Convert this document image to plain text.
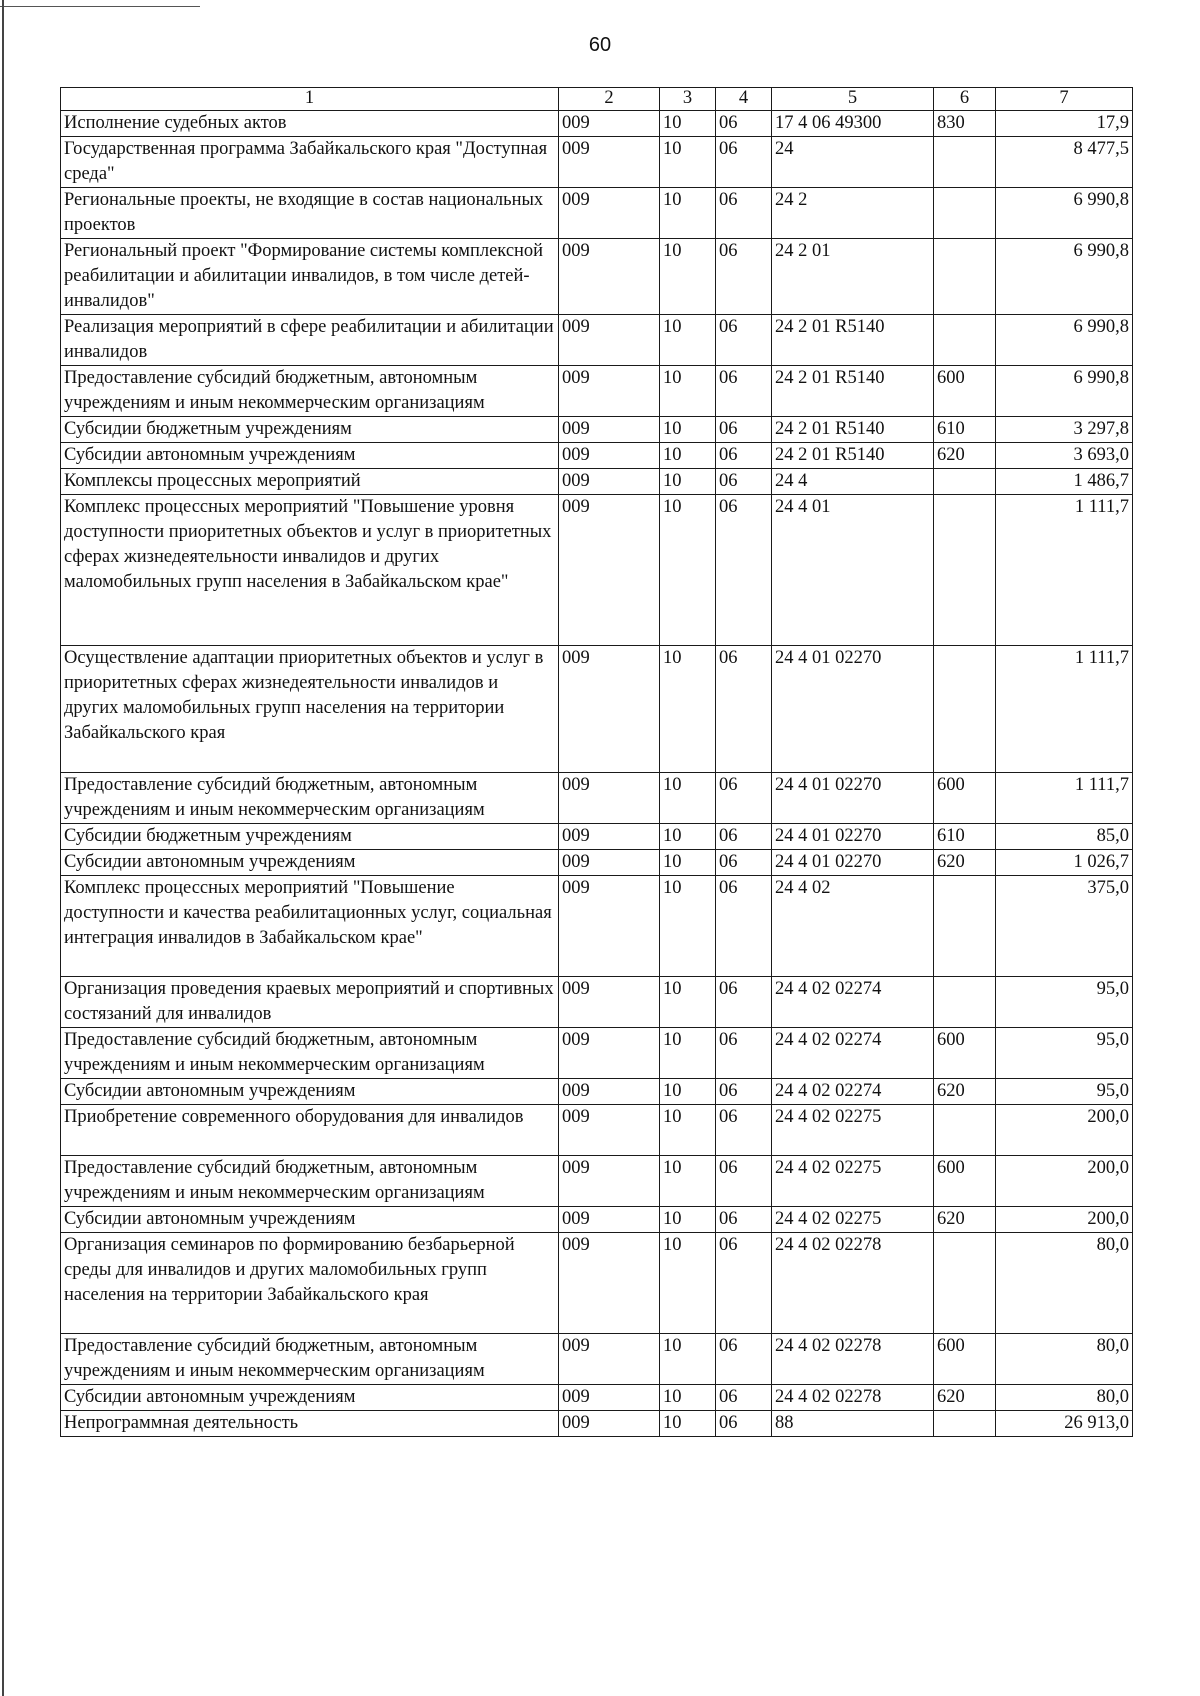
60
1	2	3	4	5	6	7
Исполнение судебных актов	009	10	06	17 4 06 49300	830	17,9
Государственная программа Забайкальского края "Доступная среда"	009	10	06	24		8 477,5
Региональные проекты, не входящие в состав национальных проектов	009	10	06	24 2		6 990,8
Региональный проект "Формирование системы комплексной реабилитации и абилитации инвалидов, в том числе детей-инвалидов"	009	10	06	24 2 01		6 990,8
Реализация мероприятий в сфере реабилитации и абилитации инвалидов	009	10	06	24 2 01 R5140		6 990,8
Предоставление субсидий бюджетным, автономным учреждениям и иным некоммерческим организациям	009	10	06	24 2 01 R5140	600	6 990,8
Субсидии бюджетным учреждениям	009	10	06	24 2 01 R5140	610	3 297,8
Субсидии автономным учреждениям	009	10	06	24 2 01 R5140	620	3 693,0
Комплексы процессных мероприятий	009	10	06	24 4		1 486,7
Комплекс процессных мероприятий "Повышение уровня доступности приоритетных объектов и услуг в приоритетных сферах жизнедеятельности инвалидов и других маломобильных групп населения в Забайкальском крае"	009	10	06	24 4 01		1 111,7
Осуществление адаптации приоритетных объектов и услуг в приоритетных сферах жизнедеятельности инвалидов и других маломобильных групп населения на территории Забайкальского края	009	10	06	24 4 01 02270		1 111,7
Предоставление субсидий бюджетным, автономным учреждениям и иным некоммерческим организациям	009	10	06	24 4 01 02270	600	1 111,7
Субсидии бюджетным учреждениям	009	10	06	24 4 01 02270	610	85,0
Субсидии автономным учреждениям	009	10	06	24 4 01 02270	620	1 026,7
Комплекс процессных мероприятий "Повышение доступности и качества реабилитационных услуг, социальная интеграция инвалидов в Забайкальском крае"	009	10	06	24 4 02		375,0
Организация проведения краевых мероприятий и спортивных состязаний для инвалидов	009	10	06	24 4 02 02274		95,0
Предоставление субсидий бюджетным, автономным учреждениям и иным некоммерческим организациям	009	10	06	24 4 02 02274	600	95,0
Субсидии автономным учреждениям	009	10	06	24 4 02 02274	620	95,0
Приобретение современного оборудования для инвалидов	009	10	06	24 4 02 02275		200,0
Предоставление субсидий бюджетным, автономным учреждениям и иным некоммерческим организациям	009	10	06	24 4 02 02275	600	200,0
Субсидии автономным учреждениям	009	10	06	24 4 02 02275	620	200,0
Организация семинаров по формированию безбарьерной среды для инвалидов и других маломобильных групп населения на территории Забайкальского края	009	10	06	24 4 02 02278		80,0
Предоставление субсидий бюджетным, автономным учреждениям и иным некоммерческим организациям	009	10	06	24 4 02 02278	600	80,0
Субсидии автономным учреждениям	009	10	06	24 4 02 02278	620	80,0
Непрограммная деятельность	009	10	06	88		26 913,0
